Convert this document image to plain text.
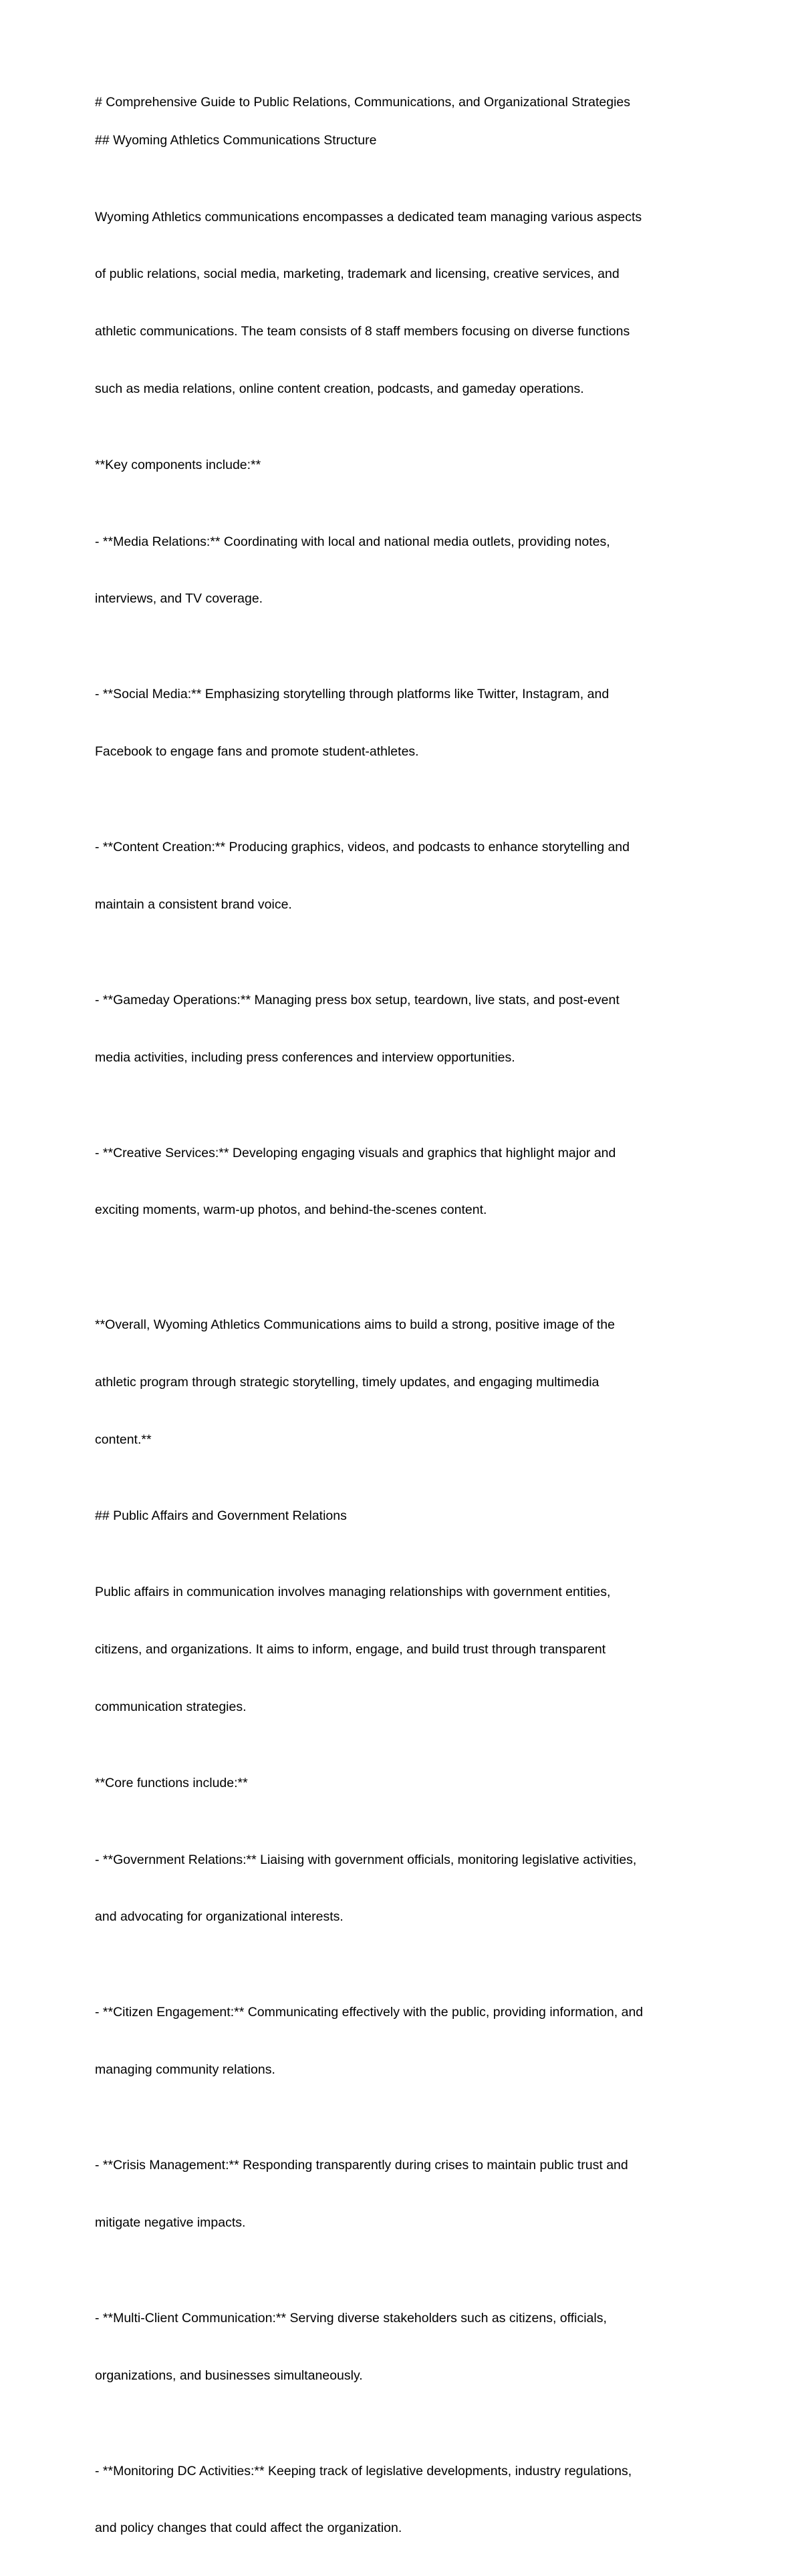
# Comprehensive Guide to Public Relations, Communications, and Organizational Strategies

## Wyoming Athletics Communications Structure

Wyoming Athletics communications encompasses a dedicated team managing various aspects

of public relations, social media, marketing, trademark and licensing, creative services, and

athletic communications. The team consists of 8 staff members focusing on diverse functions

such as media relations, online content creation, podcasts, and gameday operations.

**Key components include:**

- **Media Relations:** Coordinating with local and national media outlets, providing notes,

interviews, and TV coverage.

- **Social Media:** Emphasizing storytelling through platforms like Twitter, Instagram, and

Facebook to engage fans and promote student-athletes.

- **Content Creation:** Producing graphics, videos, and podcasts to enhance storytelling and

maintain a consistent brand voice.

- **Gameday Operations:** Managing press box setup, teardown, live stats, and post-event

media activities, including press conferences and interview opportunities.

- **Creative Services:** Developing engaging visuals and graphics that highlight major and

exciting moments, warm-up photos, and behind-the-scenes content.

**Overall, Wyoming Athletics Communications aims to build a strong, positive image of the

athletic program through strategic storytelling, timely updates, and engaging multimedia

content.**

## Public Affairs and Government Relations

Public affairs in communication involves managing relationships with government entities,

citizens, and organizations. It aims to inform, engage, and build trust through transparent

communication strategies.

**Core functions include:**

- **Government Relations:** Liaising with government officials, monitoring legislative activities,

and advocating for organizational interests.

- **Citizen Engagement:** Communicating effectively with the public, providing information, and

managing community relations.

- **Crisis Management:** Responding transparently during crises to maintain public trust and

mitigate negative impacts.

- **Multi-Client Communication:** Serving diverse stakeholders such as citizens, officials,

organizations, and businesses simultaneously.

- **Monitoring DC Activities:** Keeping track of legislative developments, industry regulations,

and policy changes that could affect the organization.
